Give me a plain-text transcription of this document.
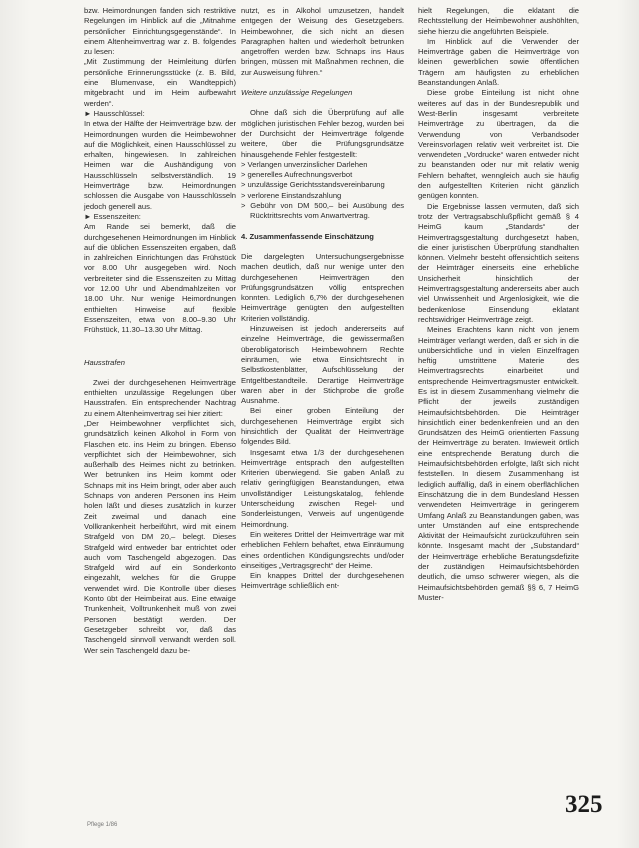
bzw. Heimordnungen fanden sich restriktive Regelungen im Hinblick auf die „Mitnahme persönlicher Einrichtungsgegenstände“. In einem Altenheimvertrag war z. B. folgendes zu lesen:

„Mit Zustimmung der Heimleitung dürfen persönliche Erinnerungsstücke (z. B. Bild, eine Blumenvase, ein Wandteppich) mitgebracht und im Heim aufbewahrt werden“.

► Hausschlüssel:

In etwa der Hälfte der Heimverträge bzw. der Heimordnungen wurden die Heimbewohner auf die Möglichkeit, einen Hausschlüssel zu erhalten, hingewiesen. In zahlreichen Heimen war die Aushändigung von Hausschlüsseln selbstverständlich. 19 Heimverträge bzw. Heimordnungen schlossen die Ausgabe von Hausschlüsseln jedoch generell aus.

► Essenszeiten:

Am Rande sei bemerkt, daß die durchgesehenen Heimordnungen im Hinblick auf die üblichen Essenszeiten ergaben, daß in zahlreichen Einrichtungen das Frühstück vor 8.00 Uhr ausgegeben wird. Noch verbreiteter sind die Essenszeiten zu Mittag vor 12.00 Uhr und Abendmahlzeiten vor 18.00 Uhr. Nur wenige Heimordnungen enthielten Hinweise auf flexible Essenszeiten, etwa von 8.00–9.30 Uhr Frühstück, 11.30–13.30 Uhr Mittag.

Hausstrafen

Zwei der durchgesehenen Heimverträge enthielten unzulässige Regelungen über Hausstrafen. Ein entsprechender Nachtrag zu einem Altenheimvertrag sei hier zitiert:

„Der Heimbewohner verpflichtet sich, grundsätzlich keinen Alkohol in Form von Flaschen etc. ins Heim zu bringen. Ebenso verpflichtet sich der Heimbewohner, sich außerhalb des Heimes nicht zu betrinken. Wer betrunken ins Heim kommt oder Schnaps mit ins Heim bringt, oder aber auch Schnaps von anderen Personen ins Heim holen läßt und dieses zusätzlich in kurzer Zeit zweimal und danach eine Vollkrankenheit herbeiführt, wird mit einem Strafgeld von DM 20,– belegt. Dieses Strafgeld wird entweder bar entrichtet oder auch vom Taschengeld abgezogen. Das Strafgeld wird auf ein Sonderkonto eingezahlt, welches für die Gruppe verwendet wird. Die Kontrolle über dieses Konto übt der Heimbeirat aus. Eine etwaige Trunkenheit, Volltrunkenheit muß von zwei Personen bestätigt werden. Der Gesetzgeber schreibt vor, daß das Taschengeld sinnvoll verwandt werden soll. Wer sein Taschengeld dazu be-

nutzt, es in Alkohol umzusetzen, handelt entgegen der Weisung des Gesetzgebers. Heimbewohner, die sich nicht an diesen Paragraphen halten und wiederholt betrunken angetroffen werden bzw. Schnaps ins Haus bringen, müssen mit Maßnahmen rechnen, die zur Ausweisung führen.“

Weitere unzulässige Regelungen

Ohne daß sich die Überprüfung auf alle möglichen juristischen Fehler bezog, wurden bei der Durchsicht der Heimverträge folgende weitere, über die Prüfungsgrundsätze hinausgehende Fehler festgestellt:

> Verlangen unverzinslicher Darlehen

> generelles Aufrechnungsverbot

> unzulässige Gerichtsstandsvereinbarung

> verlorene Einstandszahlung

> Gebühr von DM 500,– bei Ausübung des Rücktrittsrechts vom Anwartvertrag.

4. Zusammenfassende Einschätzung

Die dargelegten Untersuchungsergebnisse machen deutlich, daß nur wenige unter den durchgesehenen Heimverträgen den Prüfungsgrundsätzen völlig entsprechen konnten. Lediglich 6,7% der durchgesehenen Heimverträge genügten den aufgestellten Kriterien vollständig.

Hinzuweisen ist jedoch andererseits auf einzelne Heimverträge, die gewissermaßen überobligatorisch Heimbewohnern Rechte einräumen, wie etwa Einsichtsrecht in Selbstkostenblätter, Aufschlüsselung der Entgeltbestandteile. Derartige Heimverträge waren aber in der Stichprobe die große Ausnahme.

Bei einer groben Einteilung der durchgesehenen Heimverträge ergibt sich hinsichtlich der Qualität der Heimverträge folgendes Bild.

Insgesamt etwa 1/3 der durchgesehenen Heimverträge entsprach den aufgestellten Kriterien überwiegend. Sie gaben Anlaß zu relativ geringfügigen Beanstandungen, etwa unvollständiger Leistungskatalog, fehlende Unterscheidung zwischen Regel- und Sonderleistungen, Verweis auf ungenügende Heimordnung.

Ein weiteres Drittel der Heimverträge war mit erheblichen Fehlern behaftet, etwa Einräumung eines ordentlichen Kündigungsrechts und/oder einseitiges „Vertragsgrecht“ der Heime.

Ein knappes Drittel der durchgesehenen Heimverträge schließlich ent-

hielt Regelungen, die eklatant die Rechtsstellung der Heimbewohner aushöhlten, siehe hierzu die angeführten Beispiele.

Im Hinblick auf die Verwender der Heimverträge gaben die Heimverträge von kleinen gewerblichen sowie öffentlichen Trägern am häufigsten zu erheblichen Beanstandungen Anlaß.

Diese grobe Einteilung ist nicht ohne weiteres auf das in der Bundesrepublik und West-Berlin insgesamt verbreitete Heimverträge zu übertragen, da die Verwendung von Verbandsoder Vereinsvorlagen relativ weit verbreitet ist. Die verwendeten „Vordrucke“ waren entweder nicht zu beanstanden oder nur mit relativ wenig Fehlern behaftet, wenngleich auch sie häufig den aufgestellten Kriterien nicht gänzlich genügen konnten.

Die Ergebnisse lassen vermuten, daß sich trotz der Vertragsabschlußpflicht gemäß § 4 HeimG kaum „Standards“ der Heimvertragsgestaltung durchgesetzt haben, die einer juristischen Überprüfung standhalten können. Vielmehr besteht offensichtlich seitens der Heimträger einerseits eine erhebliche Unsicherheit hinsichtlich der Heimvertragsgestaltung andererseits aber auch viel Unwissenheit und Argenlosigkeit, wie die bedenkenlose Einsendung eklatant rechtswidriger Heimverträge zeigt.

Meines Erachtens kann nicht von jenem Heimträger verlangt werden, daß er sich in die unübersichtliche und in vielen Einzelfragen heftig umstrittene Materie des Heimvertragsrechts einarbeitet und entsprechende Heimvertragsmuster entwickelt. Es ist in diesem Zusammenhang vielmehr die Pflicht der jeweils zuständigen Heimaufsichtsbehörden. Die Heimträger hinsichtlich einer bedenkenfreien und an den Grundsätzen des HeimG orientierten Fassung der Heimverträge zu beraten. Inwieweit örtlich eine entsprechende Beratung durch die Heimaufsichtsbehörden erfolgte, läßt sich nicht feststellen. In diesem Zusammenhang ist lediglich auffällig, daß in einem oberflächlichen Einschätzung die in dem Bundesland Hessen verwendeten Heimverträge in geringerem Umfang Anlaß zu Beanstandungen gaben, was unter Umständen auf eine entsprechende Aktivität der Heimaufsicht zurückzuführen sein könnte. Insgesamt macht der „Substandard“ der Heimverträge erhebliche Beratungsdefizite der zuständigen Heimaufsichtsbehörden deutlich, die umso schwerer wiegen, als die Heimaufsichtsbehörden gemäß §§ 6, 7 HeimG Muster-

325
Pflege 1/86
